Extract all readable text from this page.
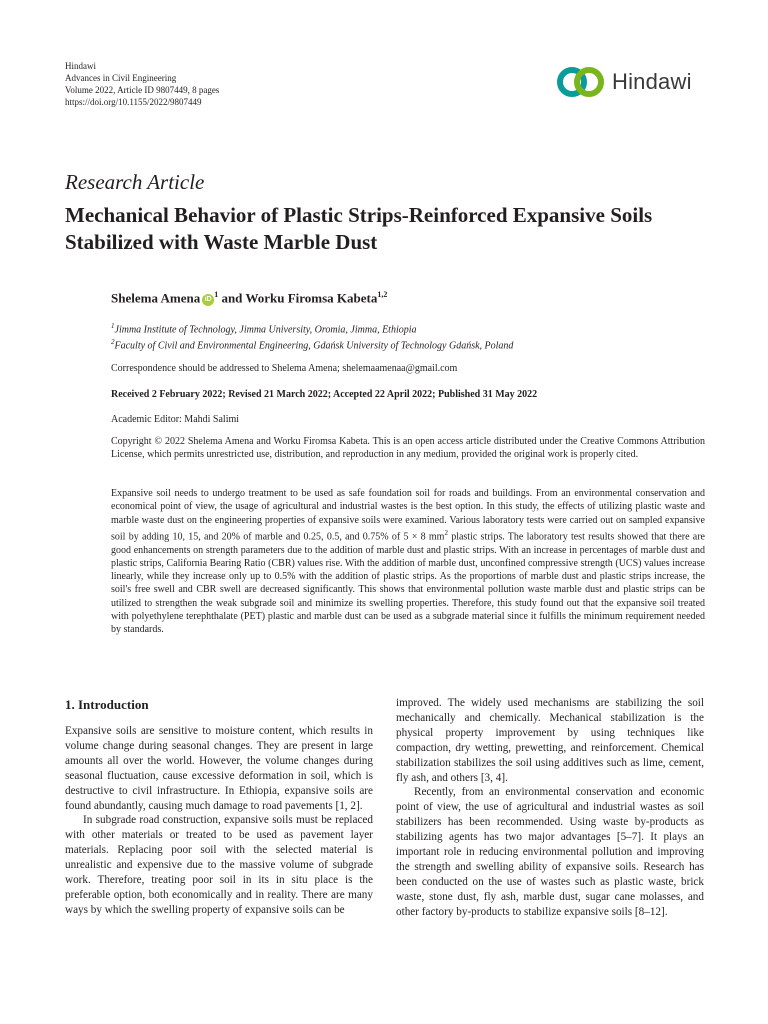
Hindawi
Advances in Civil Engineering
Volume 2022, Article ID 9807449, 8 pages
https://doi.org/10.1155/2022/9807449
Hindawi
Research Article
Mechanical Behavior of Plastic Strips-Reinforced Expansive Soils Stabilized with Waste Marble Dust
Shelema Amena $iD^1$ and Worku Firomsa Kabeta$^{1,2}$
$^1$Jimma Institute of Technology, Jimma University, Oromia, Jimma, Ethiopia
$^2$Faculty of Civil and Environmental Engineering, Gdańsk University of Technology Gdańsk, Poland
Correspondence should be addressed to Shelema Amena; shelemaamenaa@gmail.com
Received 2 February 2022; Revised 21 March 2022; Accepted 22 April 2022; Published 31 May 2022
Academic Editor: Mahdi Salimi
Copyright © 2022 Shelema Amena and Worku Firomsa Kabeta. This is an open access article distributed under the Creative Commons Attribution License, which permits unrestricted use, distribution, and reproduction in any medium, provided the original work is properly cited.
Expansive soil needs to undergo treatment to be used as safe foundation soil for roads and buildings. From an environmental conservation and economical point of view, the usage of agricultural and industrial wastes is the best option. In this study, the effects of utilizing plastic waste and marble waste dust on the engineering properties of expansive soils were examined. Various laboratory tests were carried out on sampled expansive soil by adding 10, 15, and 20% of marble and 0.25, 0.5, and 0.75% of 5 × 8 $mm^2$ plastic strips. The laboratory test results showed that there are good enhancements on strength parameters due to the addition of marble dust and plastic strips. With an increase in percentages of marble dust and plastic strips, California Bearing Ratio (CBR) values rise. With the addition of marble dust, unconfined compressive strength (UCS) values increase linearly, while they increase only up to 0.5% with the addition of plastic strips. As the proportions of marble dust and plastic strips increase, the soil's free swell and CBR swell are decreased significantly. This shows that environmental pollution waste marble dust and plastic strips can be utilized to strengthen the weak subgrade soil and minimize its swelling properties. Therefore, this study found out that the expansive soil treated with polyethylene terephthalate (PET) plastic and marble dust can be used as a subgrade material since it fulfills the minimum requirement needed by standards.
1. Introduction

Expansive soils are sensitive to moisture content, which results in volume change during seasonal changes. They are present in large amounts all over the world. However, the volume changes during seasonal fluctuation, cause excessive deformation in soil, which is destructive to civil infrastructure. In Ethiopia, expansive soils are found abundantly, causing much damage to road pavements [1, 2].

In subgrade road construction, expansive soils must be replaced with other materials or treated to be used as pavement layer materials. Replacing poor soil with the selected material is unrealistic and expensive due to the massive volume of subgrade work. Therefore, treating poor soil in its in situ place is the preferable option, both economically and in reality. There are many ways by which the swelling property of expansive soils can be

improved. The widely used mechanisms are stabilizing the soil mechanically and chemically. Mechanical stabilization is the physical property improvement by using techniques like compaction, dry wetting, prewetting, and reinforcement. Chemical stabilization stabilizes the soil using additives such as lime, cement, fly ash, and others [3, 4].

Recently, from an environmental conservation and economic point of view, the use of agricultural and industrial wastes as soil stabilizers has been recommended. Using waste by-products as stabilizing agents has two major advantages [5–7]. It plays an important role in reducing environmental pollution and improving the strength and swelling ability of expansive soils. Research has been conducted on the use of wastes such as plastic waste, brick waste, stone dust, fly ash, marble dust, sugar cane molasses, and other factory by-products to stabilize expansive soils [8–12].
